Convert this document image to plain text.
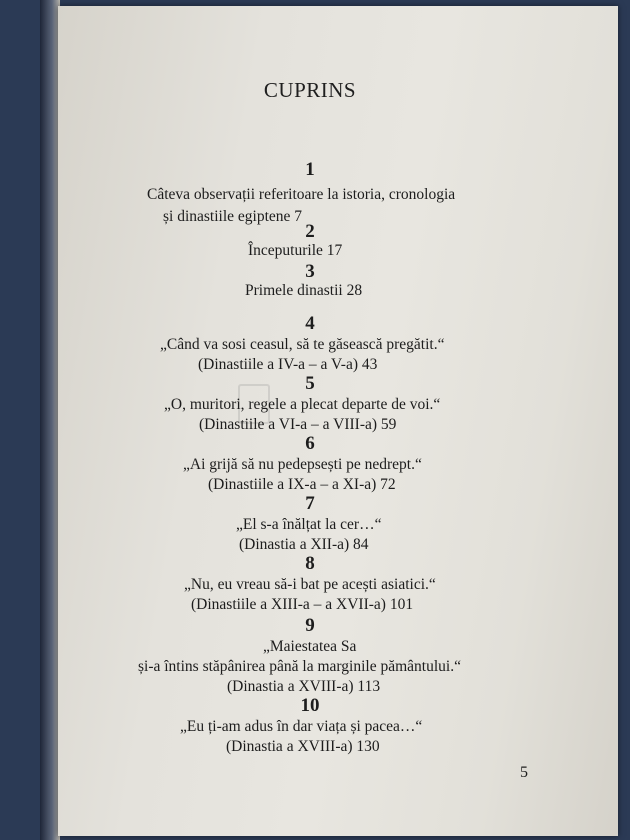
CUPRINS
1
Câteva observații referitoare la istoria, cronologia
și dinastiile egiptene 7
2
Începuturile 17
3
Primele dinastii 28
4
„Când va sosi ceasul, să te găsească pregătit.“
(Dinastiile a IV-a – a V-a) 43
5
„O, muritori, regele a plecat departe de voi.“
(Dinastiile a VI-a – a VIII-a) 59
6
„Ai grijă să nu pedepsești pe nedrept.“
(Dinastiile a IX-a – a XI-a) 72
7
„El s-a înălțat la cer…“
(Dinastia a XII-a) 84
8
„Nu, eu vreau să-i bat pe acești asiatici.“
(Dinastiile a XIII-a – a XVII-a) 101
9
„Maiestatea Sa
și-a întins stăpânirea până la marginile pământului.“
(Dinastia a XVIII-a) 113
10
„Eu ți-am adus în dar viața și pacea…“
(Dinastia a XVIII-a) 130
5
